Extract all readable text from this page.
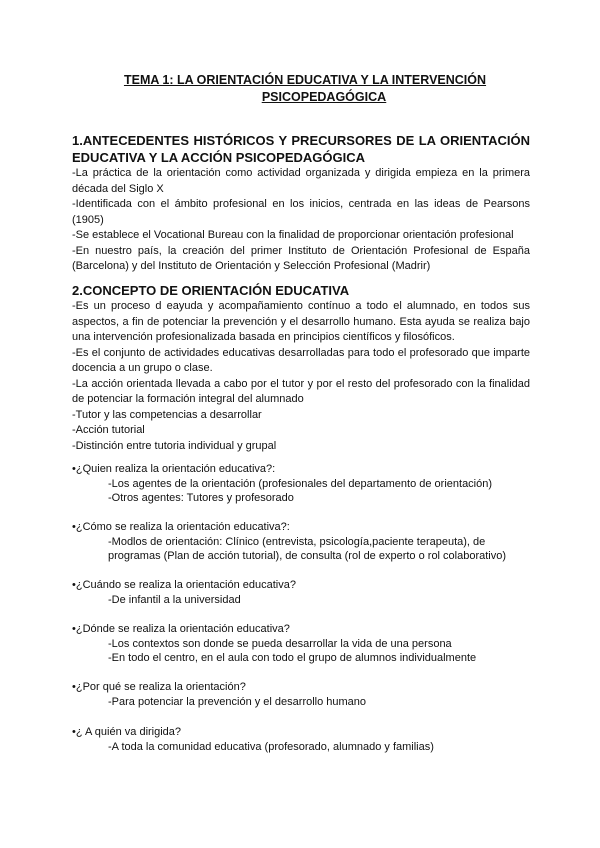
TEMA 1: LA ORIENTACIÓN EDUCATIVA Y LA INTERVENCIÓN
PSICOPEDAGÓGICA
1.ANTECEDENTES HISTÓRICOS Y PRECURSORES DE LA ORIENTACIÓN EDUCATIVA Y LA ACCIÓN PSICOPEDAGÓGICA
-La práctica de la orientación como actividad organizada y dirigida empieza en la primera década del Siglo X
-Identificada con el ámbito profesional en los inicios, centrada en las ideas de Pearsons (1905)
-Se establece el Vocational Bureau con la finalidad de proporcionar orientación profesional
-En nuestro país, la creación del primer Instituto de Orientación Profesional de España (Barcelona) y del Instituto de Orientación y Selección Profesional (Madrir)
2.CONCEPTO DE ORIENTACIÓN EDUCATIVA
-Es un proceso d eayuda y acompañamiento contínuo a todo el alumnado, en todos sus aspectos, a fin de potenciar la prevención y el desarrollo humano. Esta ayuda se realiza bajo una intervención profesionalizada basada en principios científicos y filosóficos.
-Es el conjunto de actividades educativas desarrolladas para todo el profesorado que imparte docencia a un grupo o clase.
-La acción orientada llevada a cabo por el tutor y por el resto del profesorado con la finalidad de potenciar la formación integral del alumnado
-Tutor y las competencias a desarrollar
-Acción tutorial
-Distinción entre tutoria individual y grupal
•¿Quien realiza la orientación educativa?:
-Los agentes de la orientación (profesionales del departamento de orientación)
-Otros agentes: Tutores y profesorado
•¿Cómo se realiza la orientación educativa?:
-Modlos de orientación: Clínico (entrevista, psicología,paciente terapeuta), de programas (Plan de acción tutorial), de consulta (rol de experto o rol colaborativo)
•¿Cuándo se realiza la orientación educativa?
-De infantil a la universidad
•¿Dónde se realiza la orientación educativa?
-Los contextos son donde se pueda desarrollar la vida de una persona
-En todo el centro, en el aula con todo el grupo de alumnos individualmente
•¿Por qué se realiza la orientación?
-Para potenciar la prevención y el desarrollo humano
•¿ A quién va dirigida?
-A toda la comunidad educativa (profesorado, alumnado y familias)
